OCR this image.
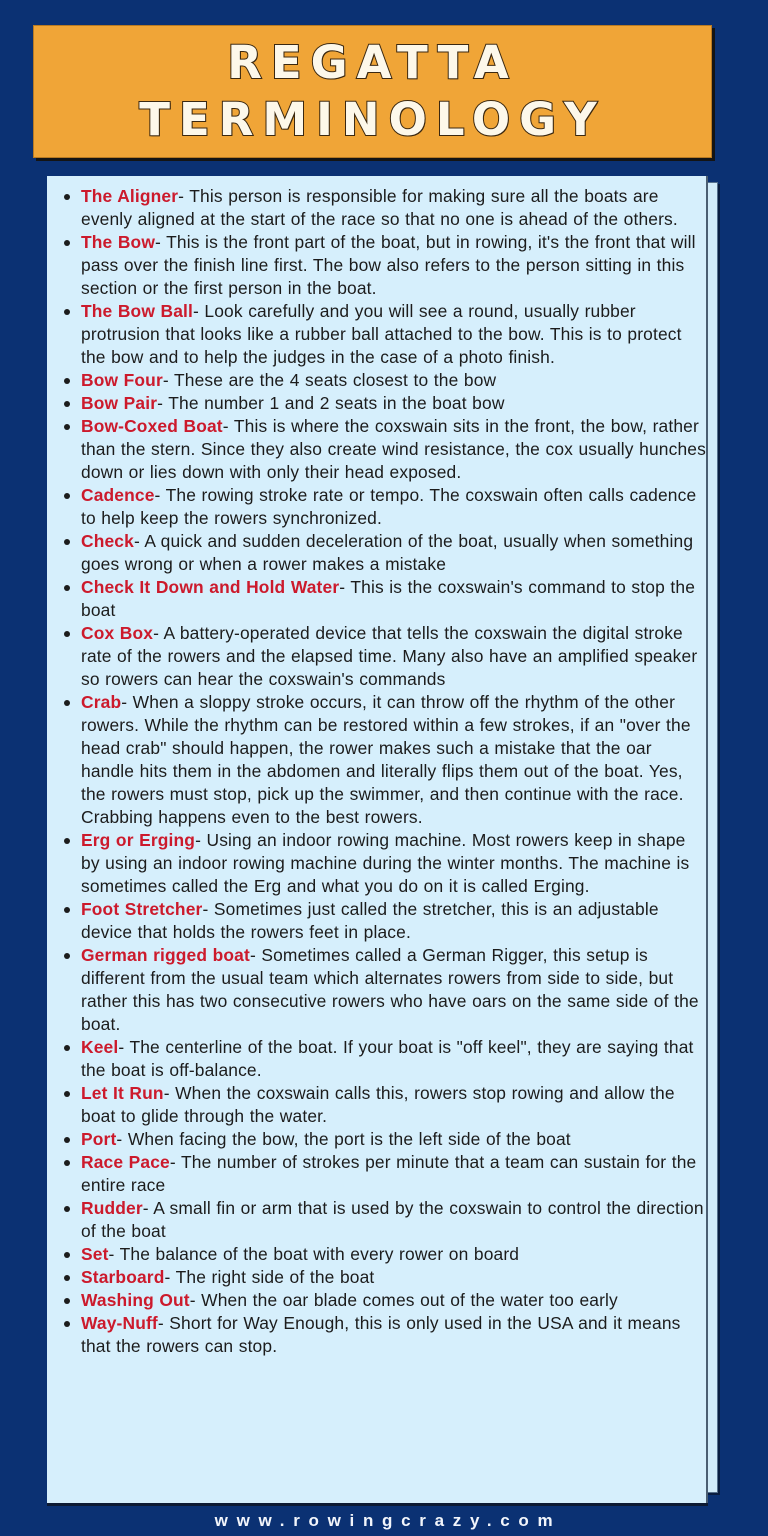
REGATTA
TERMINOLOGY
The Aligner- This person is responsible for making sure all the boats are evenly aligned at the start of the race so that no one is ahead of the others.
The Bow- This is the front part of the boat, but in rowing, it's the front that will pass over the finish line first. The bow also refers to the person sitting in this section or the first person in the boat.
The Bow Ball- Look carefully and you will see a round, usually rubber protrusion that looks like a rubber ball attached to the bow. This is to protect the bow and to help the judges in the case of a photo finish.
Bow Four- These are the 4 seats closest to the bow
Bow Pair- The number 1 and 2 seats in the boat bow
Bow-Coxed Boat- This is where the coxswain sits in the front, the bow, rather than the stern. Since they also create wind resistance, the cox usually hunches down or lies down with only their head exposed.
Cadence- The rowing stroke rate or tempo. The coxswain often calls cadence to help keep the rowers synchronized.
Check- A quick and sudden deceleration of the boat, usually when something goes wrong or when a rower makes a mistake
Check It Down and Hold Water- This is the coxswain's command to stop the boat
Cox Box- A battery-operated device that tells the coxswain the digital stroke rate of the rowers and the elapsed time. Many also have an amplified speaker so rowers can hear the coxswain's commands
Crab- When a sloppy stroke occurs, it can throw off the rhythm of the other rowers. While the rhythm can be restored within a few strokes, if an "over the head crab" should happen, the rower makes such a mistake that the oar handle hits them in the abdomen and literally flips them out of the boat. Yes, the rowers must stop, pick up the swimmer, and then continue with the race. Crabbing happens even to the best rowers.
Erg or Erging- Using an indoor rowing machine. Most rowers keep in shape by using an indoor rowing machine during the winter months. The machine is sometimes called the Erg and what you do on it is called Erging.
Foot Stretcher- Sometimes just called the stretcher, this is an adjustable device that holds the rowers feet in place.
German rigged boat- Sometimes called a German Rigger, this setup is different from the usual team which alternates rowers from side to side, but rather this has two consecutive rowers who have oars on the same side of the boat.
Keel- The centerline of the boat. If your boat is "off keel", they are saying that the boat is off-balance.
Let It Run- When the coxswain calls this, rowers stop rowing and allow the boat to glide through the water.
Port- When facing the bow, the port is the left side of the boat
Race Pace- The number of strokes per minute that a team can sustain for the entire race
Rudder- A small fin or arm that is used by the coxswain to control the direction of the boat
Set- The balance of the boat with every rower on board
Starboard- The right side of the boat
Washing Out- When the oar blade comes out of the water too early
Way-Nuff- Short for Way Enough, this is only used in the USA and it means that the rowers can stop.
www.rowingcrazy.com
